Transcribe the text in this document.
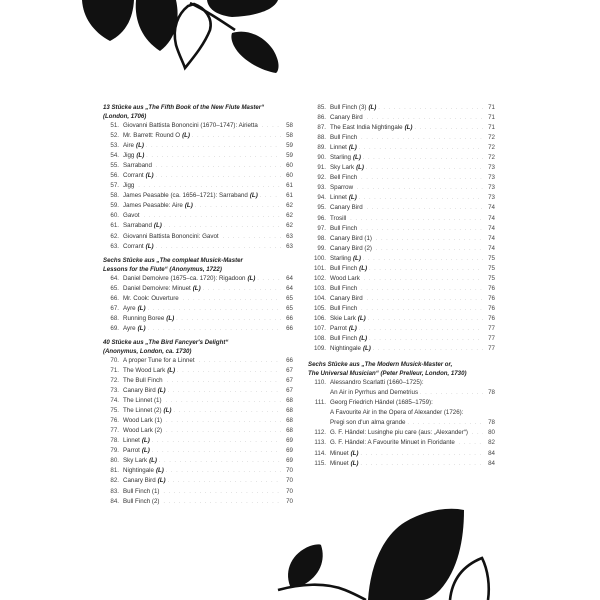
13 Stücke aus „The Fifth Book of the New Flute Master“
(London, 1706)
51. Giovanni Battista Bononcini (1670–1747): Airietta . . .	58
52. Mr. Barrett: Round O (L) . . .	58
53. Aire (L) . . .	59
54. Jigg (L) . . .	59
55. Sarraband . . .	60
56. Corrant (L) . . .	60
57. Jigg . . .	61
58. James Peasable (ca. 1656–1721): Sarraband (L) . . .	61
59. James Peasable: Aire (L) . . .	62
60. Gavot . . .	62
61. Sarraband (L) . . .	62
62. Giovanni Battista Bononcini: Gavot . . .	63
63. Corrant (L) . . .	63
Sechs Stücke aus „The compleat Musick-Master
Lessons for the Flute“ (Anonymus, 1722)
64. Daniel Demoivre (1675–ca. 1720): Rigadoon (L) . . .	64
65. Daniel Demoivre: Minuet (L) . . .	64
66. Mr. Cook: Ouverture . . .	65
67. Ayre (L) . . .	65
68. Running Boree (L) . . .	66
69. Ayre (L) . . .	66
40 Stücke aus „The Bird Fancyer's Delight“
(Anonymus, London, ca. 1730)
70. A proper Tune for a Linnet . . .	66
71. The Wood Lark (L) . . .	67
72. The Bull Finch . . .	67
73. Canary Bird (L) . . .	67
74. The Linnet (1) . . .	68
75. The Linnet (2) (L) . . .	68
76. Wood Lark (1) . . .	68
77. Wood Lark (2) . . .	68
78. Linnet (L) . . .	69
79. Parrot (L) . . .	69
80. Sky Lark (L) . . .	69
81. Nightingale (L) . . .	70
82. Canary Bird (L) . . .	70
83. Bull Finch (1) . . .	70
84. Bull Finch (2) . . .	70
85. Bull Finch (3) (L) . . .	71
86. Canary Bird . . .	71
87. The East India Nightingale (L) . . .	71
88. Bull Finch . . .	72
89. Linnet (L) . . .	72
90. Starling (L) . . .	72
91. Sky Lark (L) . . .	73
92. Bell Finch . . .	73
93. Sparrow . . .	73
94. Linnet (L) . . .	73
95. Canary Bird . . .	74
96. Trosill . . .	74
97. Bull Finch . . .	74
98. Canary Bird (1) . . .	74
99. Canary Bird (2) . . .	74
100. Starling (L) . . .	75
101. Bull Finch (L) . . .	75
102. Wood Lark . . .	75
103. Bull Finch . . .	76
104. Canary Bird . . .	76
105. Bull Finch . . .	76
106. Skie Lark (L) . . .	76
107. Parrot (L) . . .	77
108. Bull Finch (L) . . .	77
109. Nightingale (L) . . .	77
Sechs Stücke aus „The Modern Musick-Master or,
The Universal Musician“ (Peter Prelleur, London, 1730)
110. Alessandro Scarlatti (1660–1725):
An Air in Pyrrhus and Demetrius . . .	78
111. Georg Friedrich Händel (1685–1759):
A Favourite Air in the Opera of Alexander (1726):
Pregi son d'un alma grande . . .	78
112. G. F. Händel: Lusinghe piu care (aus: „Alexander“) . . .	80
113. G. F. Händel: A Favourite Minuet in Floridante . . .	82
114. Minuet (L) . . .	84
115. Minuet (L) . . .	84
